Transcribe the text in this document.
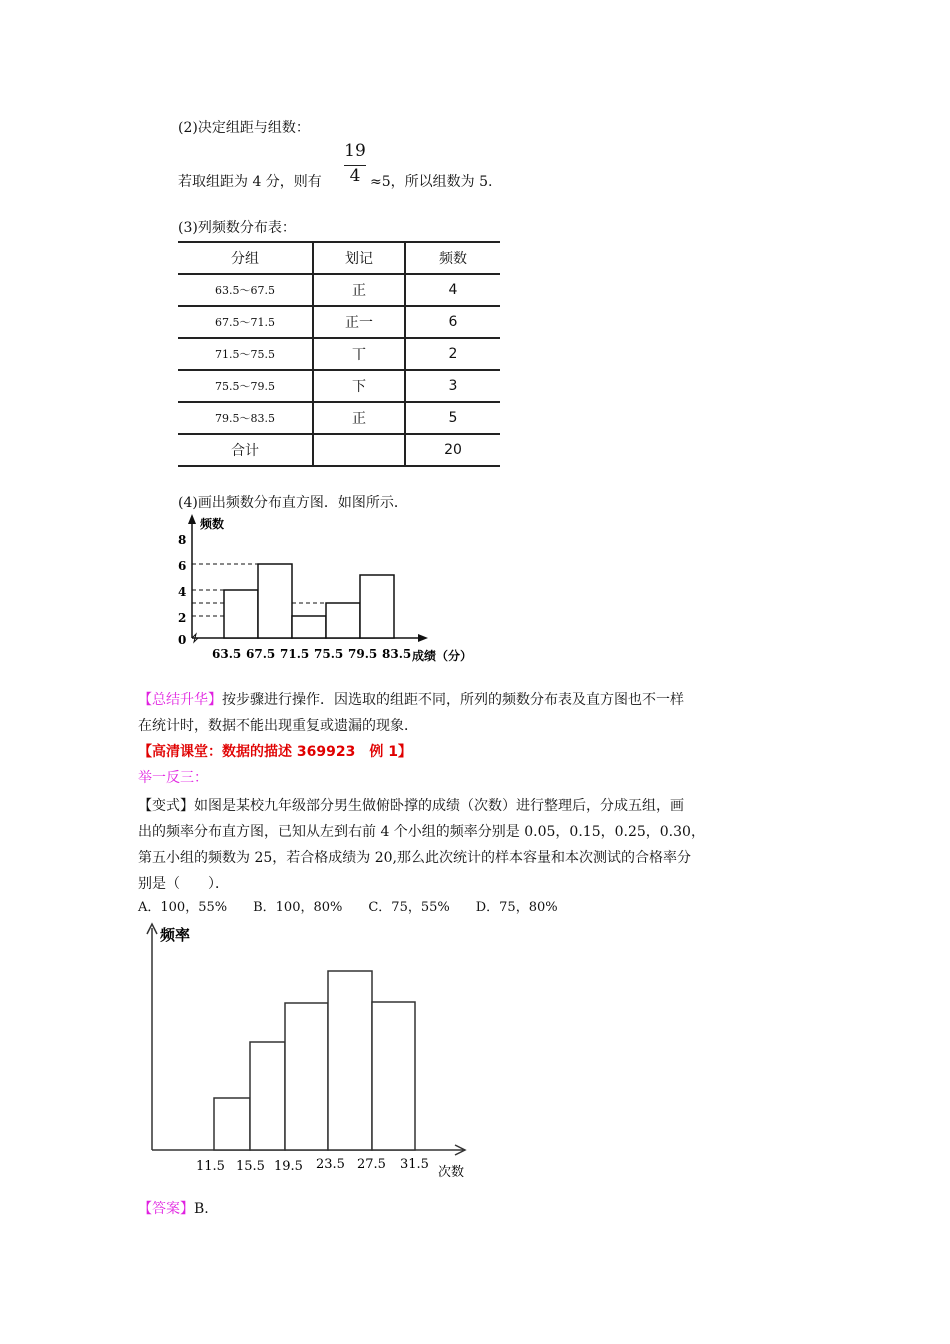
(2)决定组距与组数：
19
4
若取组距为 4 分，则有	≈5，所以组数为 5.
(3)列频数分布表：
分组	划记	频数
63.5～67.5	正	4
67.5～71.5	正一	6
71.5～75.5	丅	2
75.5～79.5	下	3
79.5～83.5	正	5
合计		20
(4)画出频数分布直方图．如图所示．
频数
8
6
4
2
0
63.5 67.5 71.5 75.5 79.5 83.5 成绩（分）
【总结升华】按步骤进行操作．因选取的组距不同，所列的频数分布表及直方图也不一样
在统计时，数据不能出现重复或遗漏的现象．
【高清课堂：数据的描述 369923　例 1】
举一反三：
【变式】如图是某校九年级部分男生做俯卧撑的成绩（次数）进行整理后，分成五组，画
出的频率分布直方图，已知从左到右前 4 个小组的频率分别是 0.05，0.15，0.25，0.30，
第五小组的频数为 25，若合格成绩为 20,那么此次统计的样本容量和本次测试的合格率分
别是（　　）．
A．100，55%　　B．100，80%　　C．75，55%　　D．75，80%
频率
11.5 15.5 19.5 23.5 27.5 31.5
次数
【答案】B.
